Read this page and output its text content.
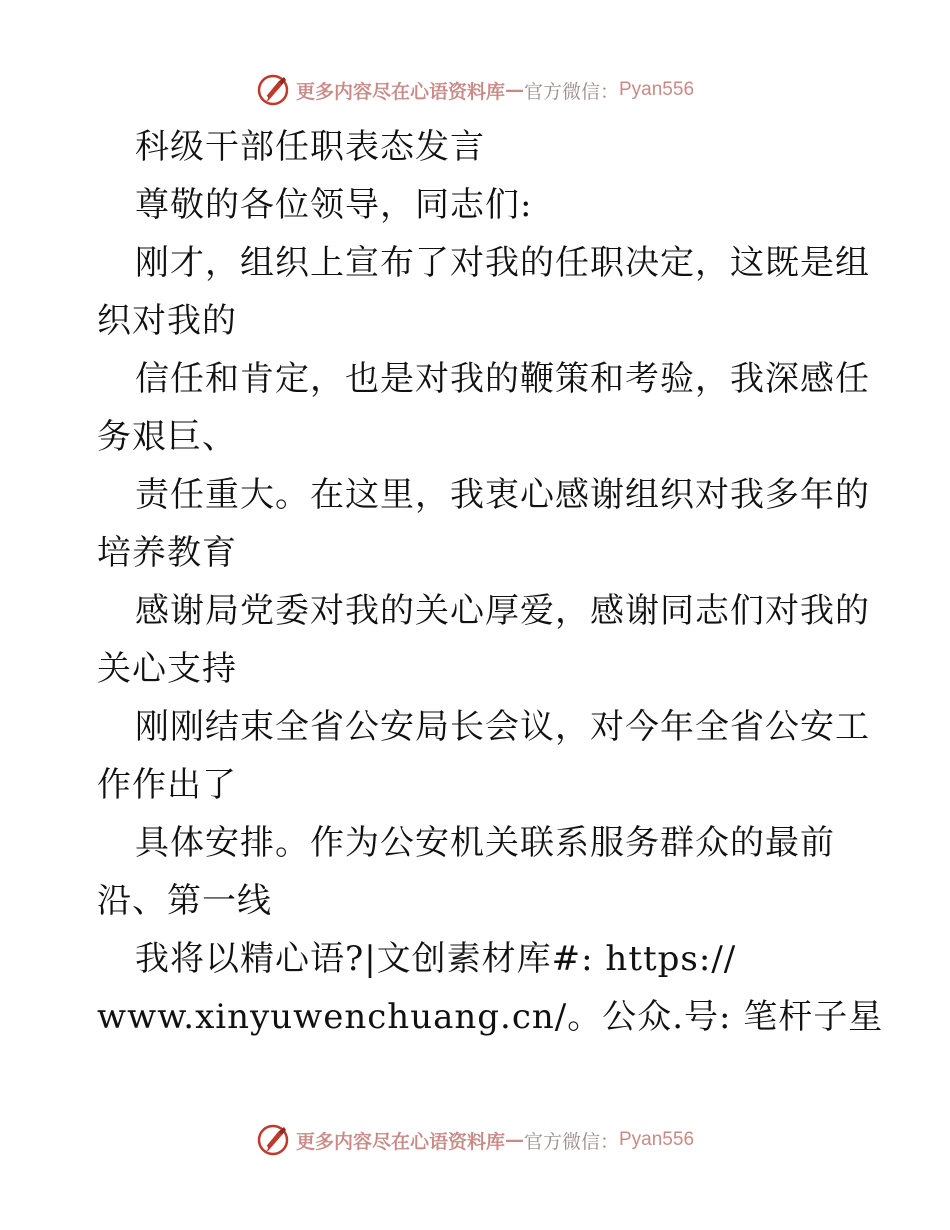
更多内容尽在心语资料库 — 官方微信： Pyan556
科级干部任职表态发言
尊敬的各位领导，同志们:
刚才，组织上宣布了对我的任职决定，这既是组
织对我的
信任和肯定，也是对我的鞭策和考验，我深感任
务艰巨、
责任重大。在这里，我衷心感谢组织对我多年的
培养教育
感谢局党委对我的关心厚爱，感谢同志们对我的
关心支持
刚刚结束全省公安局长会议，对今年全省公安工
作作出了
具体安排。作为公安机关联系服务群众的最前
沿、第一线
我将以精心语?|文创素材库#: https://
www.xinyuwenchuang.cn/。公众.号: 笔杆子星
更多内容尽在心语资料库 — 官方微信： Pyan556
